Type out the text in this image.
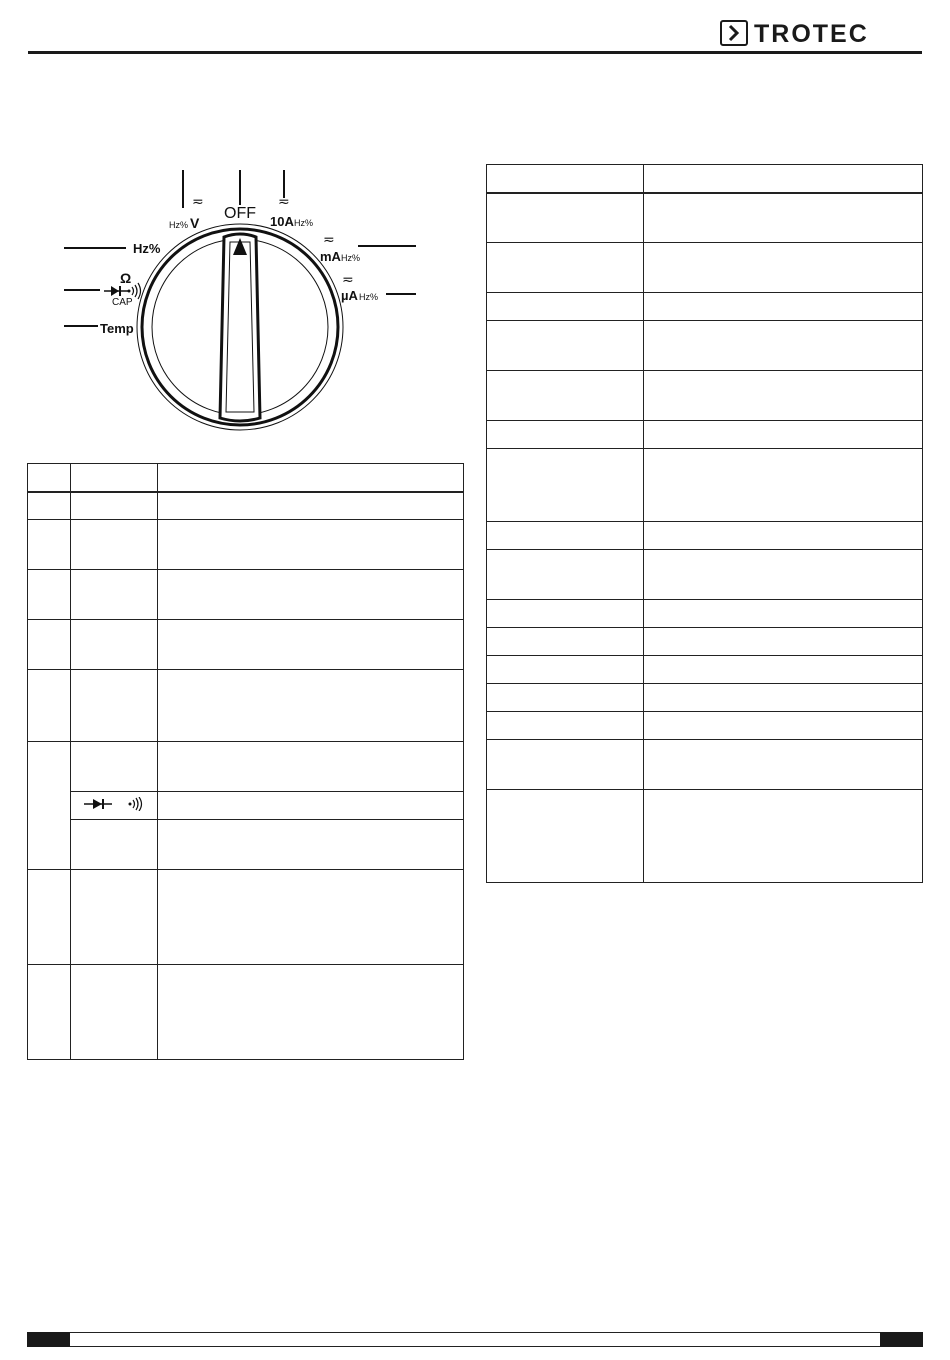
TROTEC
≂
Hz% V
OFF
≂
10A Hz%
≂
mA Hz%
≂
µA Hz%
Hz%
Ω
CAP
Temp
